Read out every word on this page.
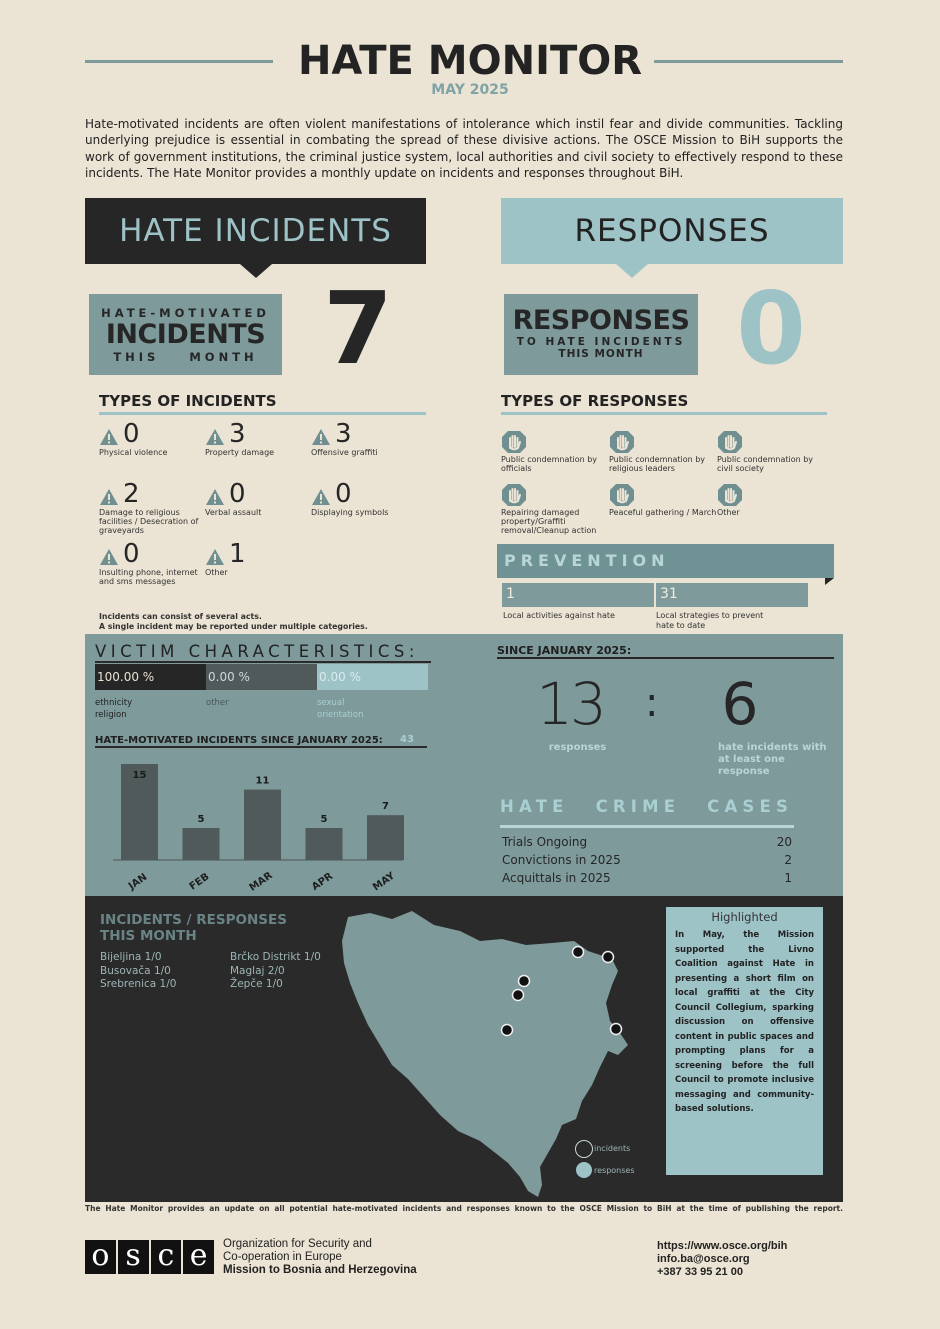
HATE MONITOR
MAY 2025
Hate-motivated incidents are often violent manifestations of intolerance which instil fear and divide communities. Tackling underlying prejudice is essential in combating the spread of these divisive actions. The OSCE Mission to BiH supports the work of government institutions, the criminal justice system, local authorities and civil society to effectively respond to these incidents. The Hate Monitor provides a monthly update on incidents and responses throughout BiH.
HATE INCIDENTS	RESPONSES
HATE-MOTIVATED
INCIDENTS
THIS MONTH 7	RESPONSES
TO HATE INCIDENTS
THIS MONTH 0
TYPES OF INCIDENTS
0
Physical violence
3
Property damage
3
Offensive graffiti
2
Damage to religious facilities / Desecration of graveyards
0
Verbal assault
0
Displaying symbols
0
Insulting phone, internet and sms messages
1
Other
Incidents can consist of several acts.
A single incident may be reported under multiple categories.
TYPES OF RESPONSES
Public condemnation by officials
Public condemnation by religious leaders
Public condemnation by civil society
Repairing damaged property/Graffiti removal/Cleanup action
Peaceful gathering / March Other
PREVENTION
1	31
Local activities against hate	Local strategies to prevent hate to date
VICTIM CHARACTERISTICS:
100.00 %
ethnicity
religion
0.00 %
other
0.00 %
sexual
orientation
HATE-MOTIVATED INCIDENTS SINCE JANUARY 2025: 43
15
JAN
5
FEB
11
MAR
5
APR
7
MAY
SINCE JANUARY 2025:
13 :	6
responses	hate incidents with at least one response
HATE CRIME CASES
Trials Ongoing	20
Convictions in 2025	2
Acquittals in 2025	1
INCIDENTS / RESPONSES
THIS MONTH
Bijeljina 1/0
Busovača 1/0
Srebrenica 1/0
Brčko Distrikt 1/0
Maglaj 2/0
Žepče 1/0
incidents
responses
Highlighted
In May, the Mission supported the Livno Coalition against Hate in presenting a short film on local graffiti at the City Council Collegium, sparking discussion on offensive content in public spaces and prompting plans for a screening before the full Council to promote inclusive messaging and community-based solutions.
The Hate Monitor provides an update on all potential hate-motivated incidents and responses known to the OSCE Mission to BiH at the time of publishing the report.
o s c e	Organization for Security and
Co-operation in Europe
Mission to Bosnia and Herzegovina
https://www.osce.org/bih
info.ba@osce.org
+387 33 95 21 00
